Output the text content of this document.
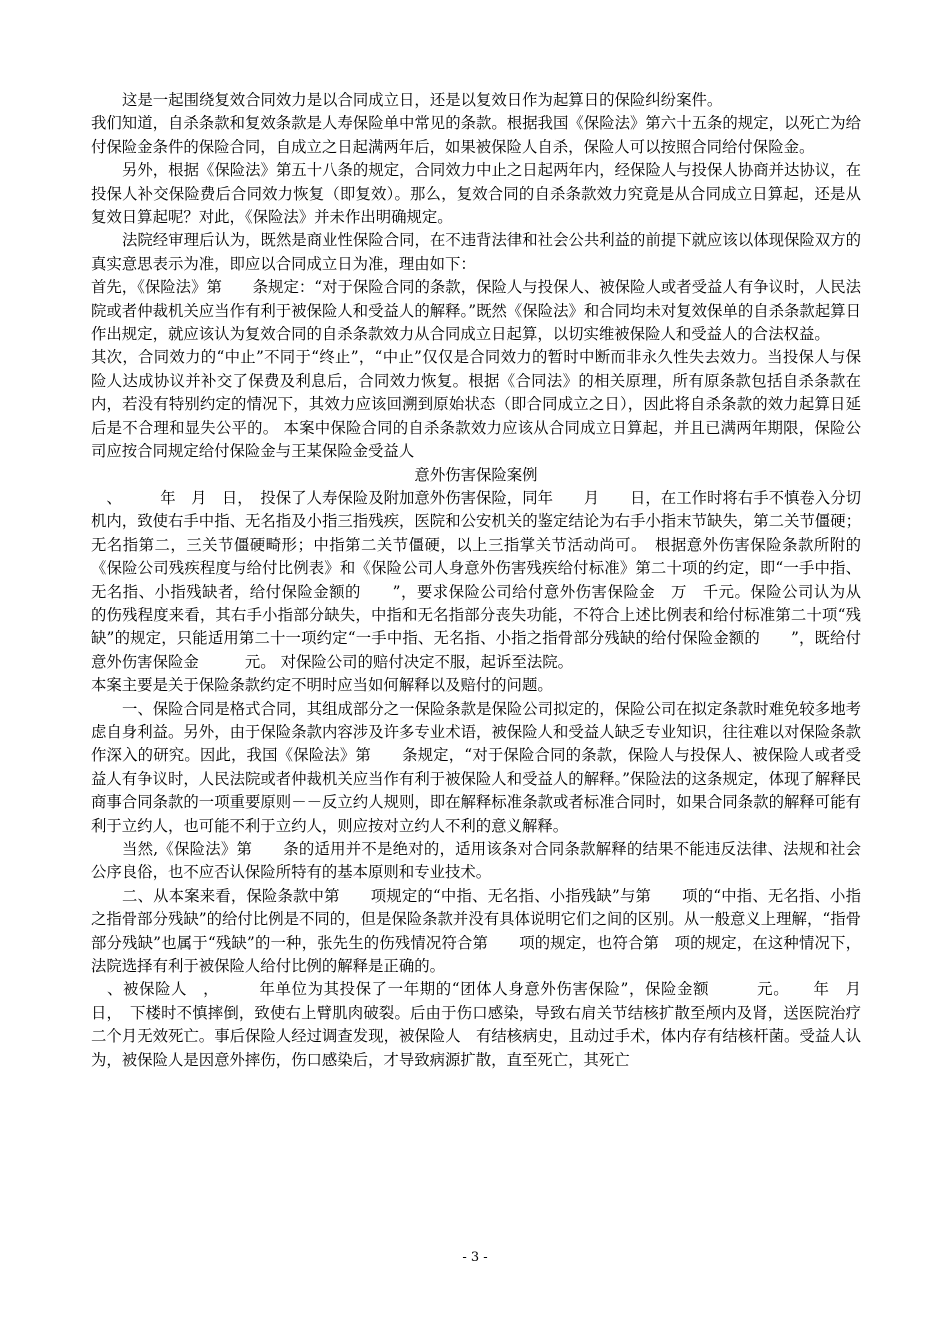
这是一起围绕复效合同效力是以合同成立日，还是以复效日作为起算日的保险纠纷案件。

我们知道，自杀条款和复效条款是人寿保险单中常见的条款。根据我国《保险法》第六十五条的规定，以死亡为给付保险金条件的保险合同，自成立之日起满两年后，如果被保险人自杀，保险人可以按照合同给付保险金。

另外，根据《保险法》第五十八条的规定，合同效力中止之日起两年内，经保险人与投保人协商并达协议，在投保人补交保险费后合同效力恢复（即复效）。那么，复效合同的自杀条款效力究竟是从合同成立日算起，还是从复效日算起呢？对此，《保险法》并未作出明确规定。

法院经审理后认为，既然是商业性保险合同，在不违背法律和社会公共利益的前提下就应该以体现保险双方的真实意思表示为准，即应以合同成立日为准，理由如下：

首先，《保险法》第　　条规定：“对于保险合同的条款，保险人与投保人、被保险人或者受益人有争议时，人民法院或者仲裁机关应当作有利于被保险人和受益人的解释。”既然《保险法》和合同均未对复效保单的自杀条款起算日作出规定，就应该认为复效合同的自杀条款效力从合同成立日起算，以切实维被保险人和受益人的合法权益。

其次，合同效力的“中止”不同于“终止”，“中止”仅仅是合同效力的暂时中断而非永久性失去效力。当投保人与保险人达成协议并补交了保费及利息后，合同效力恢复。根据《合同法》的相关原理，所有原条款包括自杀条款在内，若没有特别约定的情况下，其效力应该回溯到原始状态（即合同成立之日），因此将自杀条款的效力起算日延后是不合理和显失公平的。 本案中保险合同的自杀条款效力应该从合同成立日算起，并且已满两年期限，保险公司应按合同规定给付保险金与王某保险金受益人

意外伤害保险案例

　、　　　年　月　日，　投保了人寿保险及附加意外伤害保险，同年　　月　　日，在工作时将右手不慎卷入分切机内，致使右手中指、无名指及小指三指残疾，医院和公安机关的鉴定结论为右手小指末节缺失，第二关节僵硬；无名指第二，三关节僵硬畸形；中指第二关节僵硬，以上三指掌关节活动尚可。　根据意外伤害保险条款所附的《保险公司残疾程度与给付比例表》和《保险公司人身意外伤害残疾给付标准》第二十项的约定，即“一手中指、无名指、小指残缺者，给付保险金额的　　”，要求保险公司给付意外伤害保险金　万　千元。保险公司认为从　的伤残程度来看，其右手小指部分缺失，中指和无名指部分丧失功能，不符合上述比例表和给付标准第二十项“残缺”的规定，只能适用第二十一项约定“一手中指、无名指、小指之指骨部分残缺的给付保险金额的　　”，既给付意外伤害保险金　　　元。 对保险公司的赔付决定不服，起诉至法院。

本案主要是关于保险条款约定不明时应当如何解释以及赔付的问题。

一、保险合同是格式合同，其组成部分之一保险条款是保险公司拟定的，保险公司在拟定条款时难免较多地考虑自身利益。另外，由于保险条款内容涉及许多专业术语，被保险人和受益人缺乏专业知识，往往难以对保险条款作深入的研究。因此，我国《保险法》第　　条规定，“对于保险合同的条款，保险人与投保人、被保险人或者受益人有争议时，人民法院或者仲裁机关应当作有利于被保险人和受益人的解释。”保险法的这条规定，体现了解释民商事合同条款的一项重要原则－－反立约人规则，即在解释标准条款或者标准合同时，如果合同条款的解释可能有利于立约人，也可能不利于立约人，则应按对立约人不利的意义解释。

当然,《保险法》第　　条的适用并不是绝对的，适用该条对合同条款解释的结果不能违反法律、法规和社会公序良俗，也不应否认保险所特有的基本原则和专业技术。

二、从本案来看，保险条款中第　　项规定的“中指、无名指、小指残缺”与第　　项的“中指、无名指、小指之指骨部分残缺”的给付比例是不同的，但是保险条款并没有具体说明它们之间的区别。从一般意义上理解，“指骨部分残缺”也属于“残缺”的一种，张先生的伤残情况符合第　　项的规定，也符合第　项的规定，在这种情况下，法院选择有利于被保险人给付比例的解释是正确的。

　、被保险人　，　　　年单位为其投保了一年期的“团体人身意外伤害保险”，保险金额　　　元。　　年　月　日，　下楼时不慎摔倒，致使右上臂肌肉破裂。后由于伤口感染，导致右肩关节结核扩散至颅内及肾，送医院治疗二个月无效死亡。事后保险人经过调查发现，被保险人　有结核病史，且动过手术，体内存有结核杆菌。受益人认为，被保险人是因意外摔伤，伤口感染后，才导致病源扩散，直至死亡，其死亡

- 3 -
